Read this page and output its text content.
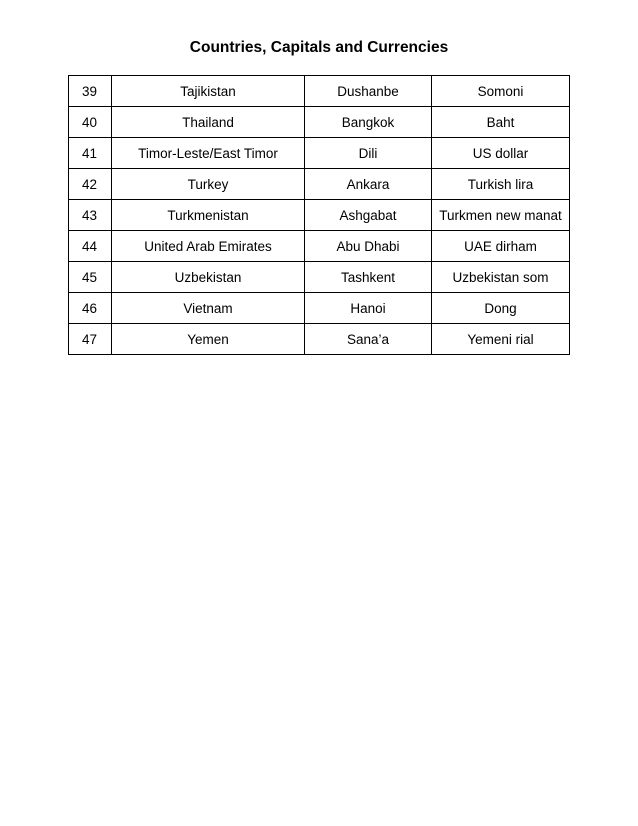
Countries, Capitals and Currencies
39	Tajikistan	Dushanbe	Somoni
40	Thailand	Bangkok	Baht
41	Timor-Leste/East Timor	Dili	US dollar
42	Turkey	Ankara	Turkish lira
43	Turkmenistan	Ashgabat	Turkmen new manat
44	United Arab Emirates	Abu Dhabi	UAE dirham
45	Uzbekistan	Tashkent	Uzbekistan som
46	Vietnam	Hanoi	Dong
47	Yemen	Sana’a	Yemeni rial
